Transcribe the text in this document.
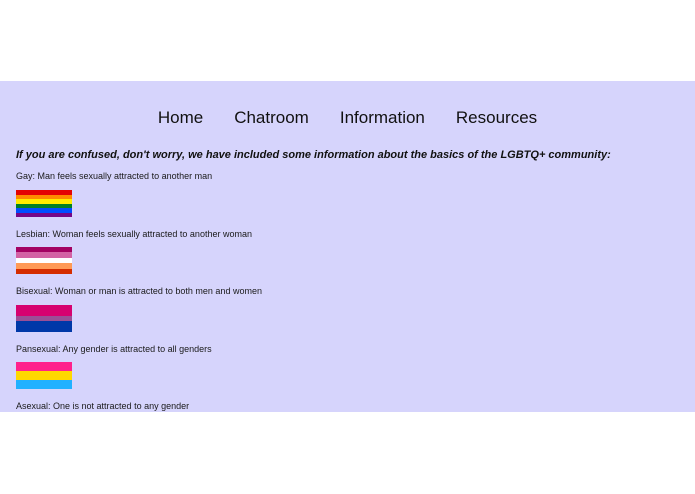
Home Chatroom Information Resources
If you are confused, don't worry, we have included some information about the basics of the LGBTQ+ community:
Gay: Man feels sexually attracted to another man
Lesbian: Woman feels sexually attracted to another woman
Bisexual: Woman or man is attracted to both men and women
Pansexual: Any gender is attracted to all genders
Asexual: One is not attracted to any gender
